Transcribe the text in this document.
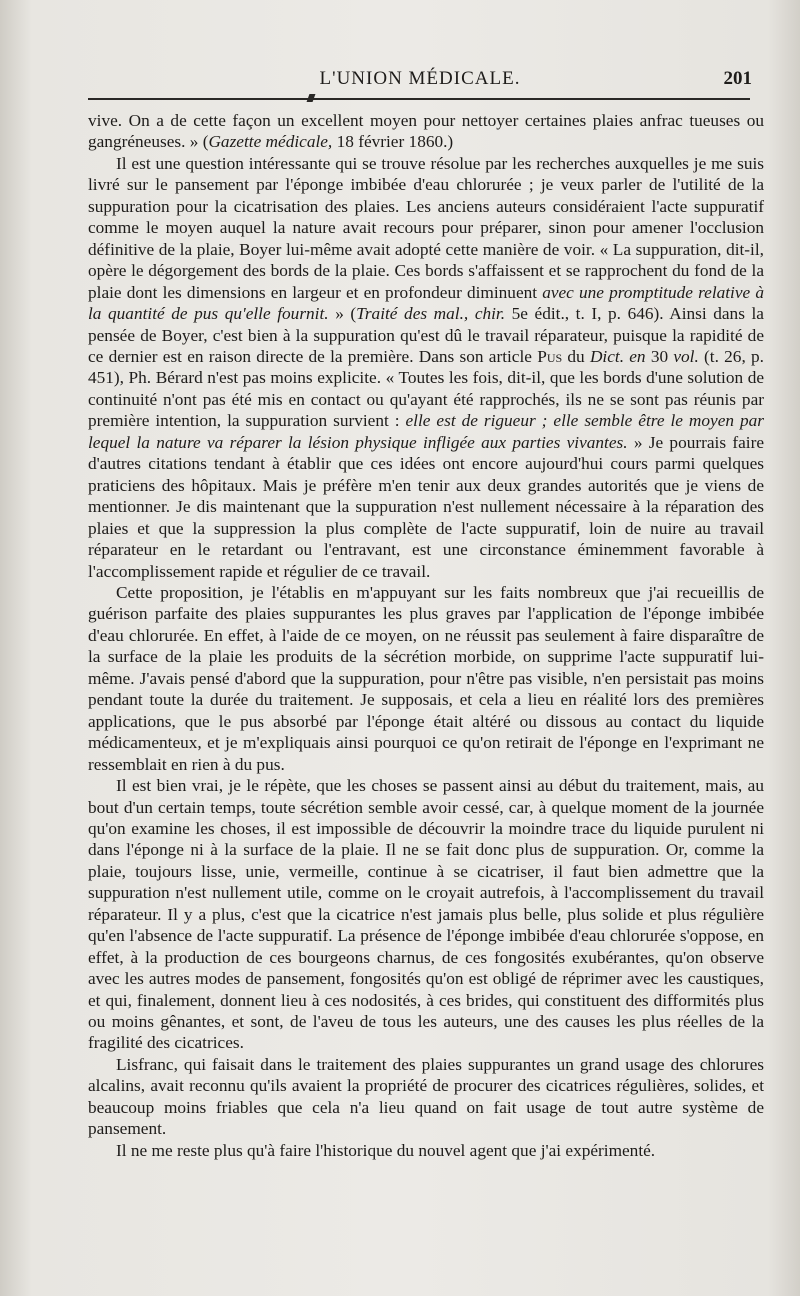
L'UNION MÉDICALE.	201

vive. On a de cette façon un excellent moyen pour nettoyer certaines plaies anfrac tueuses ou gangréneuses. » (Gazette médicale, 18 février 1860.)

Il est une question intéressante qui se trouve résolue par les recherches auxquelles je me suis livré sur le pansement par l'éponge imbibée d'eau chlorurée ; je veux parler de l'utilité de la suppuration pour la cicatrisation des plaies. Les anciens auteurs considéraient l'acte suppuratif comme le moyen auquel la nature avait recours pour préparer, sinon pour amener l'occlusion définitive de la plaie, Boyer lui-même avait adopté cette manière de voir. « La suppuration, dit-il, opère le dégorgement des bords de la plaie. Ces bords s'affaissent et se rapprochent du fond de la plaie dont les dimensions en largeur et en profondeur diminuent avec une promptitude relative à la quantité de pus qu'elle fournit. » (Traité des mal., chir. 5e édit., t. I, p. 646). Ainsi dans la pensée de Boyer, c'est bien à la suppuration qu'est dû le travail réparateur, puisque la rapidité de ce dernier est en raison directe de la première. Dans son article Pus du Dict. en 30 vol. (t. 26, p. 451), Ph. Bérard n'est pas moins explicite. « Toutes les fois, dit-il, que les bords d'une solution de continuité n'ont pas été mis en contact ou qu'ayant été rapprochés, ils ne se sont pas réunis par première intention, la suppuration survient : elle est de rigueur ; elle semble être le moyen par lequel la nature va réparer la lésion physique infligée aux parties vivantes. » Je pourrais faire d'autres citations tendant à établir que ces idées ont encore aujourd'hui cours parmi quelques praticiens des hôpitaux. Mais je préfère m'en tenir aux deux grandes autorités que je viens de mentionner. Je dis maintenant que la suppuration n'est nullement nécessaire à la réparation des plaies et que la suppression la plus complète de l'acte suppuratif, loin de nuire au travail réparateur en le retardant ou l'entravant, est une circonstance éminemment favorable à l'accomplissement rapide et régulier de ce travail.

Cette proposition, je l'établis en m'appuyant sur les faits nombreux que j'ai recueillis de guérison parfaite des plaies suppurantes les plus graves par l'application de l'éponge imbibée d'eau chlorurée. En effet, à l'aide de ce moyen, on ne réussit pas seulement à faire disparaître de la surface de la plaie les produits de la sécrétion morbide, on supprime l'acte suppuratif lui-même. J'avais pensé d'abord que la suppuration, pour n'être pas visible, n'en persistait pas moins pendant toute la durée du traitement. Je supposais, et cela a lieu en réalité lors des premières applications, que le pus absorbé par l'éponge était altéré ou dissous au contact du liquide médicamenteux, et je m'expliquais ainsi pourquoi ce qu'on retirait de l'éponge en l'exprimant ne ressemblait en rien à du pus.

Il est bien vrai, je le répète, que les choses se passent ainsi au début du traitement, mais, au bout d'un certain temps, toute sécrétion semble avoir cessé, car, à quelque moment de la journée qu'on examine les choses, il est impossible de découvrir la moindre trace du liquide purulent ni dans l'éponge ni à la surface de la plaie. Il ne se fait donc plus de suppuration. Or, comme la plaie, toujours lisse, unie, vermeille, continue à se cicatriser, il faut bien admettre que la suppuration n'est nullement utile, comme on le croyait autrefois, à l'accomplissement du travail réparateur. Il y a plus, c'est que la cicatrice n'est jamais plus belle, plus solide et plus régulière qu'en l'absence de l'acte suppuratif. La présence de l'éponge imbibée d'eau chlorurée s'oppose, en effet, à la production de ces bourgeons charnus, de ces fongosités exubérantes, qu'on observe avec les autres modes de pansement, fongosités qu'on est obligé de réprimer avec les caustiques, et qui, finalement, donnent lieu à ces nodosités, à ces brides, qui constituent des difformités plus ou moins gênantes, et sont, de l'aveu de tous les auteurs, une des causes les plus réelles de la fragilité des cicatrices.

Lisfranc, qui faisait dans le traitement des plaies suppurantes un grand usage des chlorures alcalins, avait reconnu qu'ils avaient la propriété de procurer des cicatrices régulières, solides, et beaucoup moins friables que cela n'a lieu quand on fait usage de tout autre système de pansement.

Il ne me reste plus qu'à faire l'historique du nouvel agent que j'ai expérimenté.
